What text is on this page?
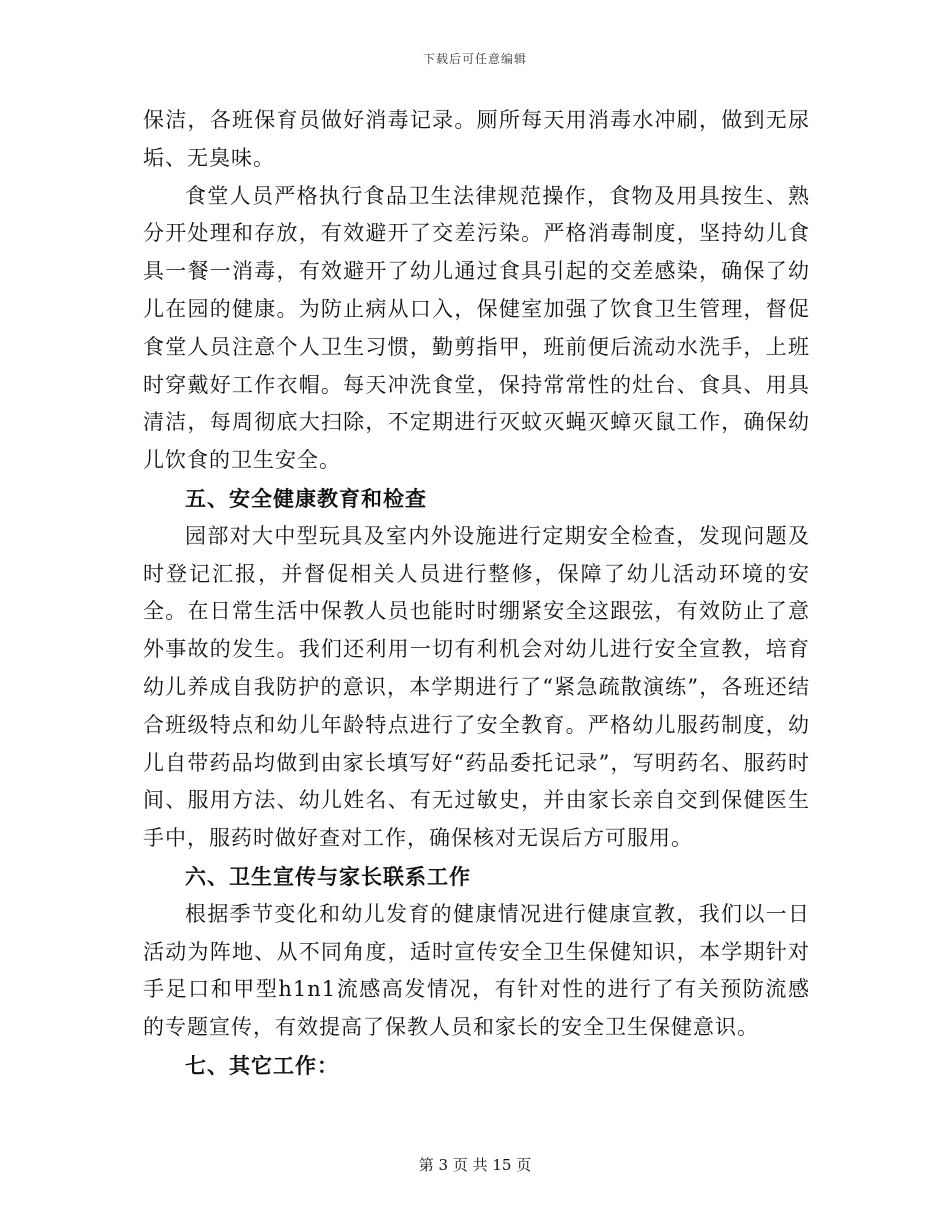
下载后可任意编辑

保洁，各班保育员做好消毒记录。厕所每天用消毒水冲刷，做到无尿垢、无臭味。

食堂人员严格执行食品卫生法律规范操作，食物及用具按生、熟分开处理和存放，有效避开了交差污染。严格消毒制度，坚持幼儿食具一餐一消毒，有效避开了幼儿通过食具引起的交差感染，确保了幼儿在园的健康。为防止病从口入，保健室加强了饮食卫生管理，督促食堂人员注意个人卫生习惯，勤剪指甲，班前便后流动水洗手，上班时穿戴好工作衣帽。每天冲洗食堂，保持常常性的灶台、食具、用具清洁，每周彻底大扫除，不定期进行灭蚊灭蝇灭蟑灭鼠工作，确保幼儿饮食的卫生安全。

五、安全健康教育和检查

园部对大中型玩具及室内外设施进行定期安全检查，发现问题及时登记汇报，并督促相关人员进行整修，保障了幼儿活动环境的安全。在日常生活中保教人员也能时时绷紧安全这跟弦，有效防止了意外事故的发生。我们还利用一切有利机会对幼儿进行安全宣教，培育幼儿养成自我防护的意识，本学期进行了“紧急疏散演练”，各班还结合班级特点和幼儿年龄特点进行了安全教育。严格幼儿服药制度，幼儿自带药品均做到由家长填写好“药品委托记录”，写明药名、服药时间、服用方法、幼儿姓名、有无过敏史，并由家长亲自交到保健医生手中，服药时做好查对工作，确保核对无误后方可服用。

六、卫生宣传与家长联系工作

根据季节变化和幼儿发育的健康情况进行健康宣教，我们以一日活动为阵地、从不同角度，适时宣传安全卫生保健知识，本学期针对手足口和甲型h1n1流感高发情况，有针对性的进行了有关预防流感的专题宣传，有效提高了保教人员和家长的安全卫生保健意识。

七、其它工作：

第 3 页 共 15 页
